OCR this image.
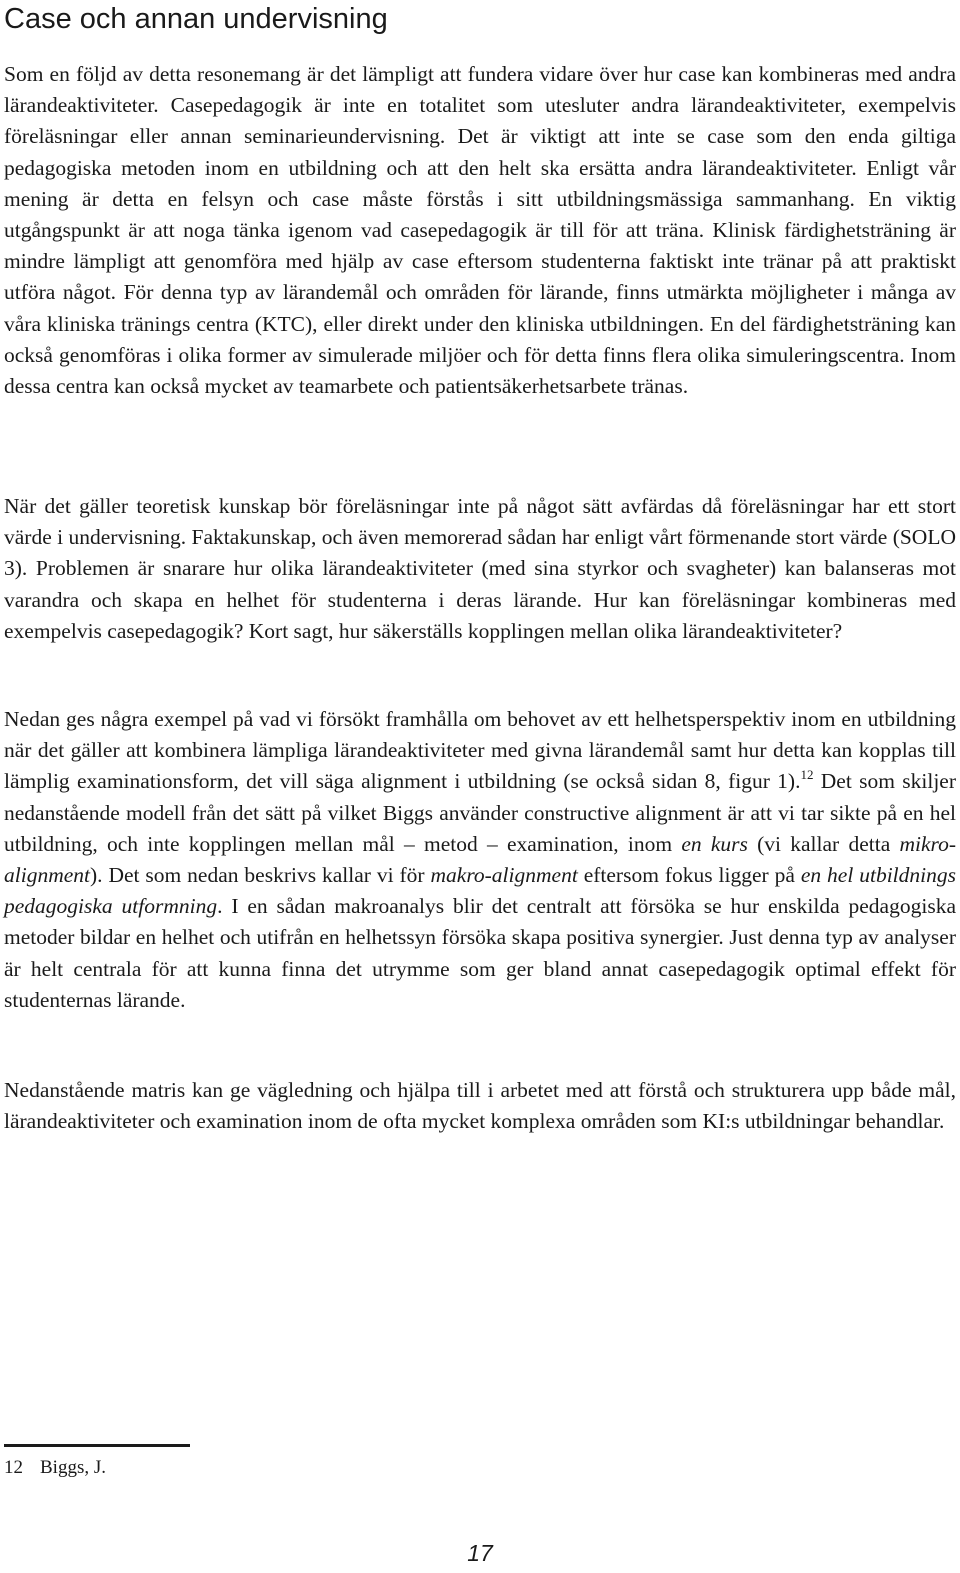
Case och annan undervisning

Som en följd av detta resonemang är det lämpligt att fundera vidare över hur case kan kombineras med andra lärandeaktiviteter. Casepedagogik är inte en totalitet som utesluter andra lärandeaktiviteter, exempelvis föreläsningar eller annan seminarieundervisning. Det är viktigt att inte se case som den enda giltiga pedagogiska metoden inom en utbildning och att den helt ska ersätta andra lärandeaktiviteter. Enligt vår mening är detta en felsyn och case måste förstås i sitt utbildningsmässiga sammanhang. En viktig utgångspunkt är att noga tänka igenom vad casepedagogik är till för att träna. Klinisk färdighetsträning är mindre lämpligt att genomföra med hjälp av case eftersom studenterna faktiskt inte tränar på att praktiskt utföra något. För denna typ av lärandemål och områden för lärande, finns utmärkta möjligheter i många av våra kliniska tränings centra (KTC), eller direkt under den kliniska utbildningen. En del färdighetsträning kan också genomföras i olika former av simulerade miljöer och för detta finns flera olika simuleringscentra. Inom dessa centra kan också mycket av teamarbete och patientsäkerhetsarbete tränas.

När det gäller teoretisk kunskap bör föreläsningar inte på något sätt avfärdas då föreläsningar har ett stort värde i undervisning. Faktakunskap, och även memorerad sådan har enligt vårt förmenande stort värde (SOLO 3). Problemen är snarare hur olika lärandeaktiviteter (med sina styrkor och svagheter) kan balanseras mot varandra och skapa en helhet för studenterna i deras lärande. Hur kan föreläsningar kombineras med exempelvis casepedagogik? Kort sagt, hur säkerställs kopplingen mellan olika lärandeaktiviteter?

Nedan ges några exempel på vad vi försökt framhålla om behovet av ett helhetsperspektiv inom en utbildning när det gäller att kombinera lämpliga lärandeaktiviteter med givna lärandemål samt hur detta kan kopplas till lämplig examinationsform, det vill säga alignment i utbildning (se också sidan 8, figur 1).$^{12}$ Det som skiljer nedanstående modell från det sätt på vilket Biggs använder constructive alignment är att vi tar sikte på en hel utbildning, och inte kopplingen mellan mål – metod – examination, inom en kurs (vi kallar detta mikro-alignment). Det som nedan beskrivs kallar vi för makro-alignment eftersom fokus ligger på en hel utbildnings pedagogiska utformning. I en sådan makroanalys blir det centralt att försöka se hur enskilda pedagogiska metoder bildar en helhet och utifrån en helhetssyn försöka skapa positiva synergier. Just denna typ av analyser är helt centrala för att kunna finna det utrymme som ger bland annat casepedagogik optimal effekt för studenternas lärande.

Nedanstående matris kan ge vägledning och hjälpa till i arbetet med att förstå och strukturera upp både mål, lärandeaktiviteter och examination inom de ofta mycket komplexa områden som KI:s utbildningar behandlar.

12 Biggs, J.

17
